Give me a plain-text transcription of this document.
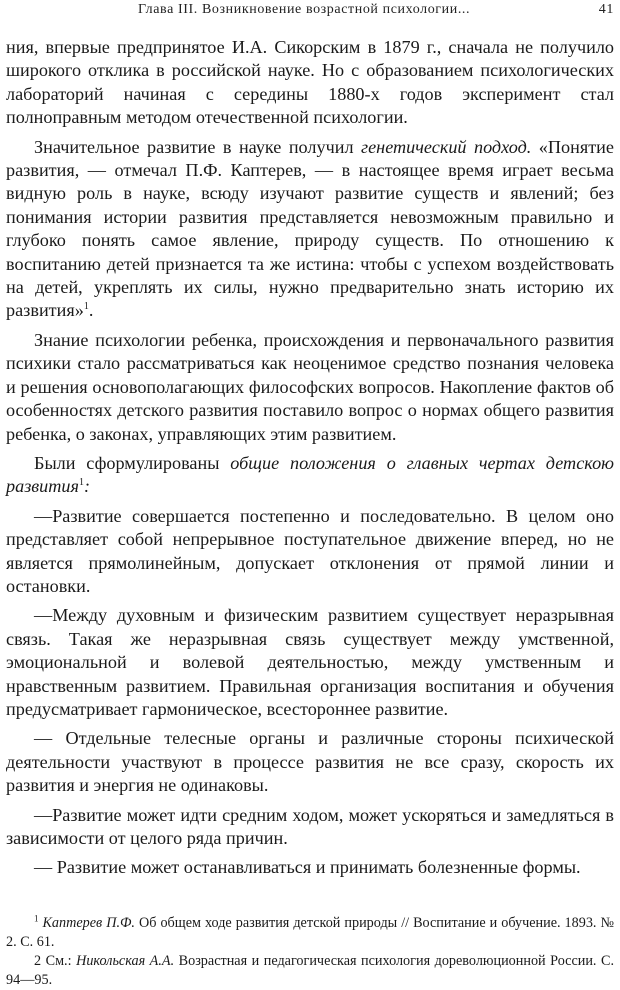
Глава III. Возникновение возрастной психологии...	41

ния, впервые предпринятое И.А. Сикорским в 1879 г., сначала не получило широкого отклика в российской науке. Но с образованием психологических лабораторий начиная с середины 1880-х годов эксперимент стал полноправным методом отечественной психологии.

Значительное развитие в науке получил генетический подход. «Понятие развития, — отмечал П.Ф. Каптерев, — в настоящее время играет весьма видную роль в науке, всюду изучают развитие существ и явлений; без понимания истории развития представляется невозможным правильно и глубоко понять самое явление, природу существ. По отношению к воспитанию детей признается та же истина: чтобы с успехом воздействовать на детей, укреплять их силы, нужно предварительно знать историю их развития»$^1$.

Знание психологии ребенка, происхождения и первоначального развития психики стало рассматриваться как неоценимое средство познания человека и решения основополагающих философских вопросов. Накопление фактов об особенностях детского развития поставило вопрос о нормах общего развития ребенка, о законах, управляющих этим развитием.

Были сформулированы общие положения о главных чертах детскою развития$^1$:

—Развитие совершается постепенно и последовательно. В целом оно представляет собой непрерывное поступательное движение вперед, но не является прямолинейным, допускает отклонения от прямой линии и остановки.

—Между духовным и физическим развитием существует неразрывная связь. Такая же неразрывная связь существует между умственной, эмоциональной и волевой деятельностью, между умственным и нравственным развитием. Правильная организация воспитания и обучения предусматривает гармоническое, всестороннее развитие.

— Отдельные телесные органы и различные стороны психической деятельности участвуют в процессе развития не все сразу, скорость их развития и энергия не одинаковы.

—Развитие может идти средним ходом, может ускоряться и замедляться в зависимости от целого ряда причин.

— Развитие может останавливаться и принимать болезненные формы.

$^1$ Каптерев П.Ф. Об общем ходе развития детской природы // Воспитание и обучение. 1893. № 2. С. 61.

2 См.: Никольская А.А. Возрастная и педагогическая психология дореволюционной России. С. 94—95.
